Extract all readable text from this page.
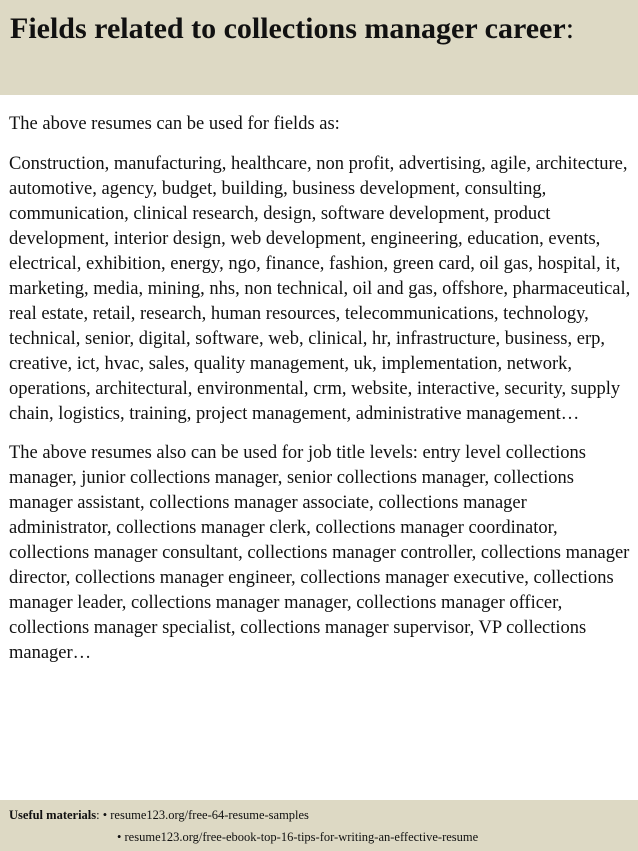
Fields related to collections manager career:

The above resumes can be used for fields as:

Construction, manufacturing, healthcare, non profit, advertising, agile, architecture, automotive, agency, budget, building, business development, consulting, communication, clinical research, design, software development, product development, interior design, web development, engineering, education, events, electrical, exhibition, energy, ngo, finance, fashion, green card, oil gas, hospital, it, marketing, media, mining, nhs, non technical, oil and gas, offshore, pharmaceutical, real estate, retail, research, human resources, telecommunications, technology, technical, senior, digital, software, web, clinical, hr, infrastructure, business, erp, creative, ict, hvac, sales, quality management, uk, implementation, network, operations, architectural, environmental, crm, website, interactive, security, supply chain, logistics, training, project management, administrative management…

The above resumes also can be used for job title levels: entry level collections manager, junior collections manager, senior collections manager, collections manager assistant, collections manager associate, collections manager administrator, collections manager clerk, collections manager coordinator, collections manager consultant, collections manager controller, collections manager director, collections manager engineer, collections manager executive, collections manager leader, collections manager manager, collections manager officer, collections manager specialist, collections manager supervisor, VP collections manager…

Useful materials: • resume123.org/free-64-resume-samples
• resume123.org/free-ebook-top-16-tips-for-writing-an-effective-resume
